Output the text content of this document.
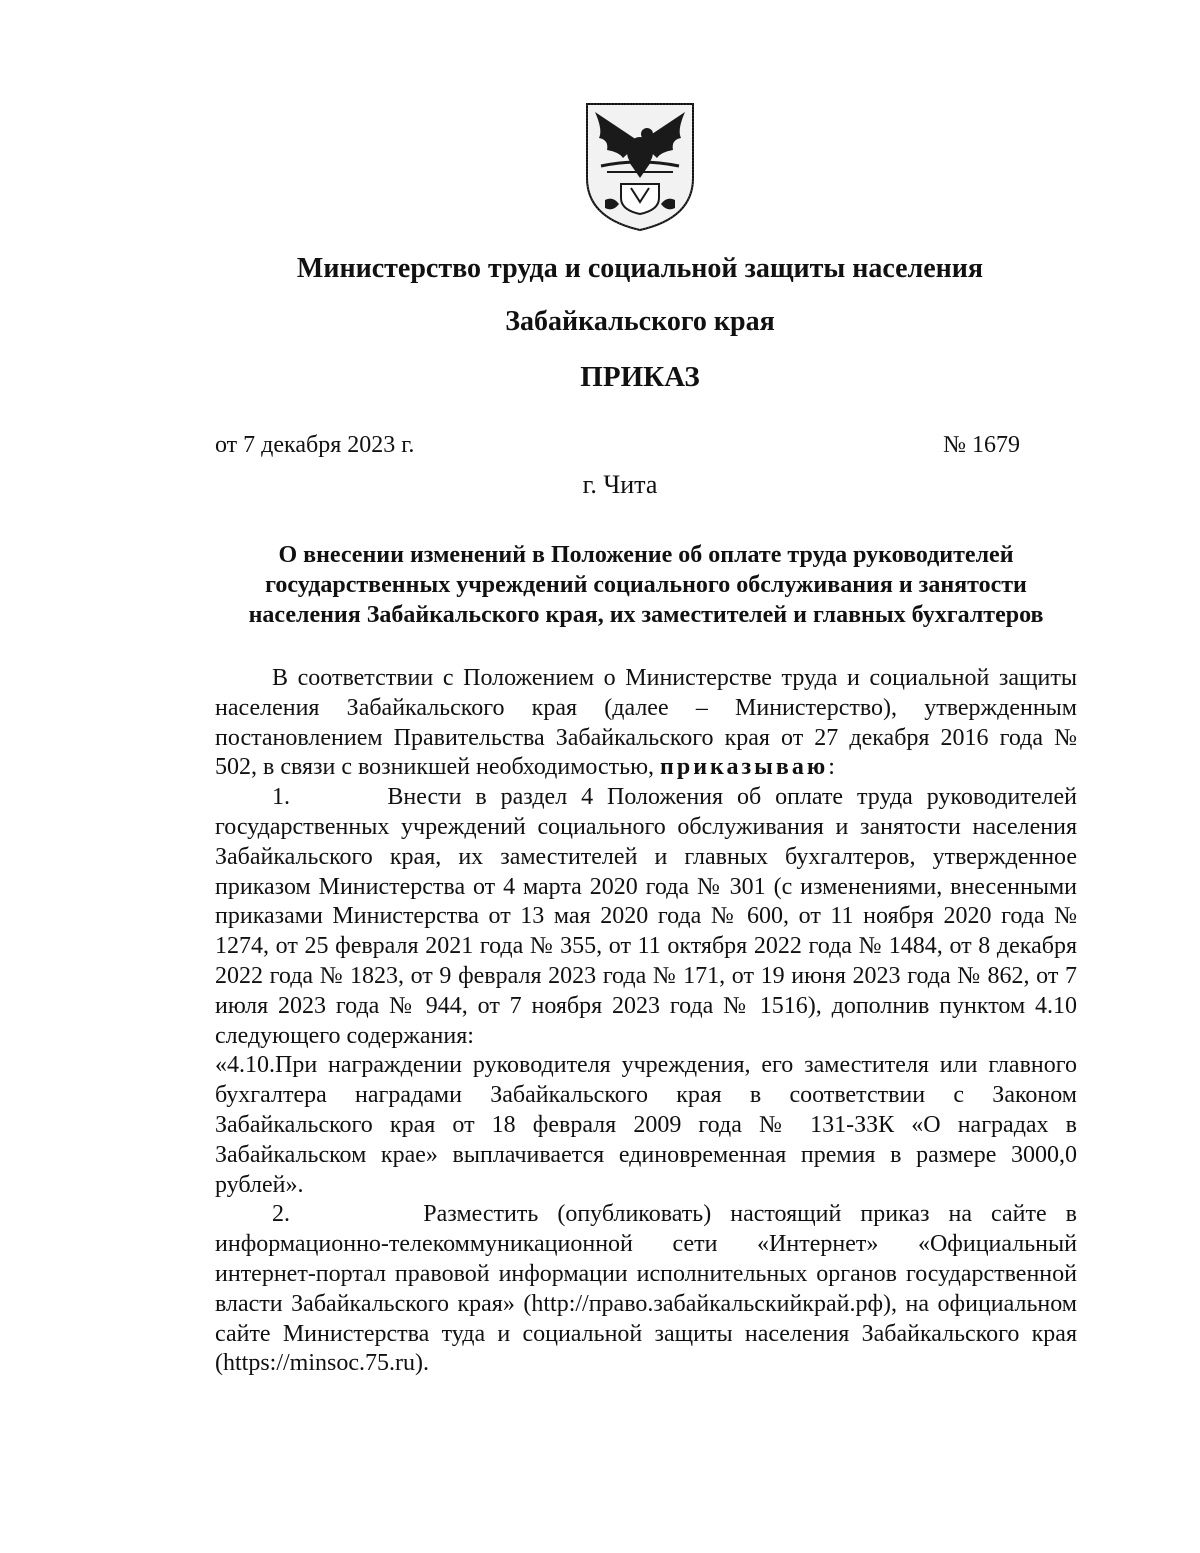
Министерство труда и социальной защиты населения

Забайкальского края

ПРИКАЗ

от 7 декабря 2023 г.	№ 1679

г. Чита

О внесении изменений в Положение об оплате труда руководителей государственных учреждений социального обслуживания и занятости населения Забайкальского края, их заместителей и главных бухгалтеров

В соответствии с Положением о Министерстве труда и социальной защиты населения Забайкальского края (далее – Министерство), утвержденным постановлением Правительства Забайкальского края от 27 декабря 2016 года № 502, в связи с возникшей необходимостью, приказываю:

1.	Внести в раздел 4 Положения об оплате труда руководителей государственных учреждений социального обслуживания и занятости населения Забайкальского края, их заместителей и главных бухгалтеров, утвержденное приказом Министерства от 4 марта 2020 года № 301 (с изменениями, внесенными приказами Министерства от 13 мая 2020 года № 600, от 11 ноября 2020 года № 1274, от 25 февраля 2021 года № 355, от 11 октября 2022 года № 1484, от 8 декабря 2022 года № 1823, от 9 февраля 2023 года № 171, от 19 июня 2023 года № 862, от 7 июля 2023 года № 944, от 7 ноября 2023 года № 1516), дополнив пунктом 4.10 следующего содержания:

«4.10.При награждении руководителя учреждения, его заместителя или главного бухгалтера наградами Забайкальского края в соответствии с Законом Забайкальского края от 18 февраля 2009 года № 131-ЗЗК «О наградах в Забайкальском крае» выплачивается единовременная премия в размере 3000,0 рублей».

2.	Разместить (опубликовать) настоящий приказ на сайте в информационно-телекоммуникационной сети «Интернет» «Официальный интернет-портал правовой информации исполнительных органов государственной власти Забайкальского края» (http://право.забайкальскийкрай.рф), на официальном сайте Министерства туда и социальной защиты населения Забайкальского края (https://minsoc.75.ru).
